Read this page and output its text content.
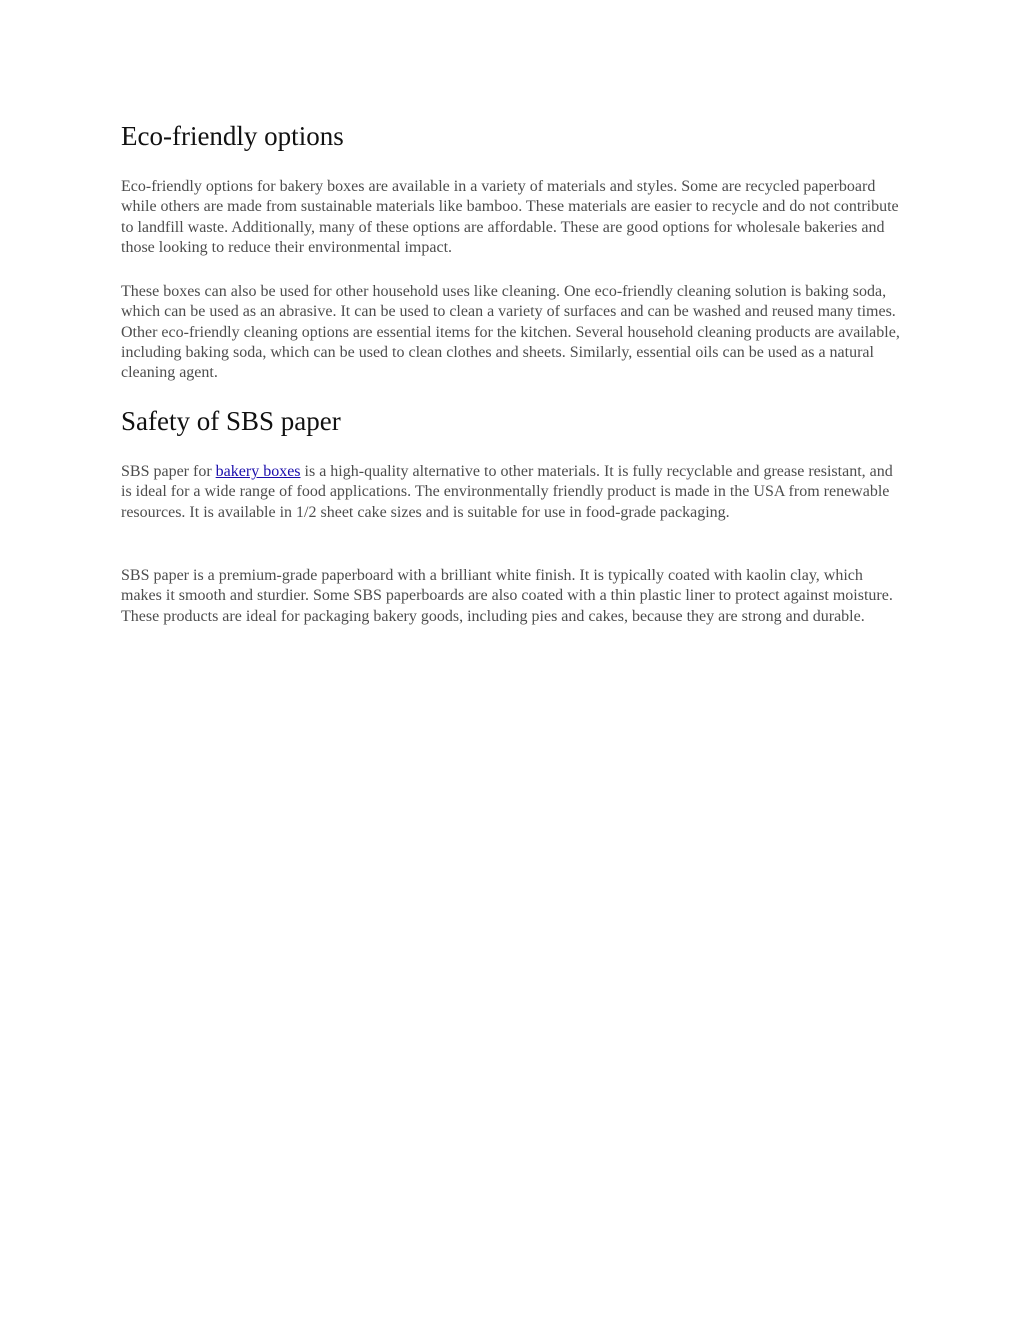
Eco-friendly options

Eco-friendly options for bakery boxes are available in a variety of materials and styles. Some are recycled paperboard while others are made from sustainable materials like bamboo. These materials are easier to recycle and do not contribute to landfill waste. Additionally, many of these options are affordable. These are good options for wholesale bakeries and those looking to reduce their environmental impact.

These boxes can also be used for other household uses like cleaning. One eco-friendly cleaning solution is baking soda, which can be used as an abrasive. It can be used to clean a variety of surfaces and can be washed and reused many times. Other eco-friendly cleaning options are essential items for the kitchen. Several household cleaning products are available, including baking soda, which can be used to clean clothes and sheets. Similarly, essential oils can be used as a natural cleaning agent.

Safety of SBS paper

SBS paper for bakery boxes is a high-quality alternative to other materials. It is fully recyclable and grease resistant, and is ideal for a wide range of food applications. The environmentally friendly product is made in the USA from renewable resources. It is available in 1/2 sheet cake sizes and is suitable for use in food-grade packaging.

SBS paper is a premium-grade paperboard with a brilliant white finish. It is typically coated with kaolin clay, which makes it smooth and sturdier. Some SBS paperboards are also coated with a thin plastic liner to protect against moisture. These products are ideal for packaging bakery goods, including pies and cakes, because they are strong and durable.
